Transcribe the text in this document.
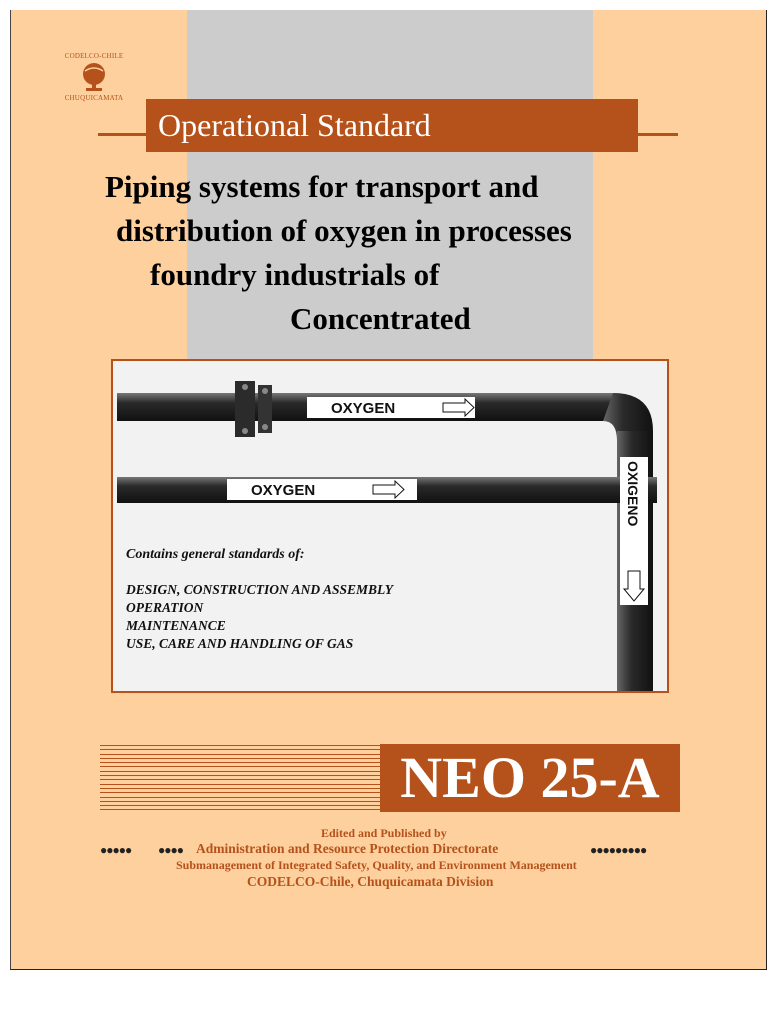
CODELCO-CHILE
CHUQUICAMATA
Operational Standard
Piping systems for transport and
distribution of oxygen in processes
foundry industrials of
Concentrated
OXYGEN
OXYGEN	OXIGENO
Contains general standards of:
DESIGN, CONSTRUCTION AND ASSEMBLY
OPERATION
MAINTENANCE
USE, CARE AND HANDLING OF GAS
NEO 25-A
Edited and Published by
Administration and Resource Protection Directorate
Submanagement of Integrated Safety, Quality, and Environment Management
CODELCO-Chile, Chuquicamata Division
●●●●● ●●●●	●●●●●●●●●
